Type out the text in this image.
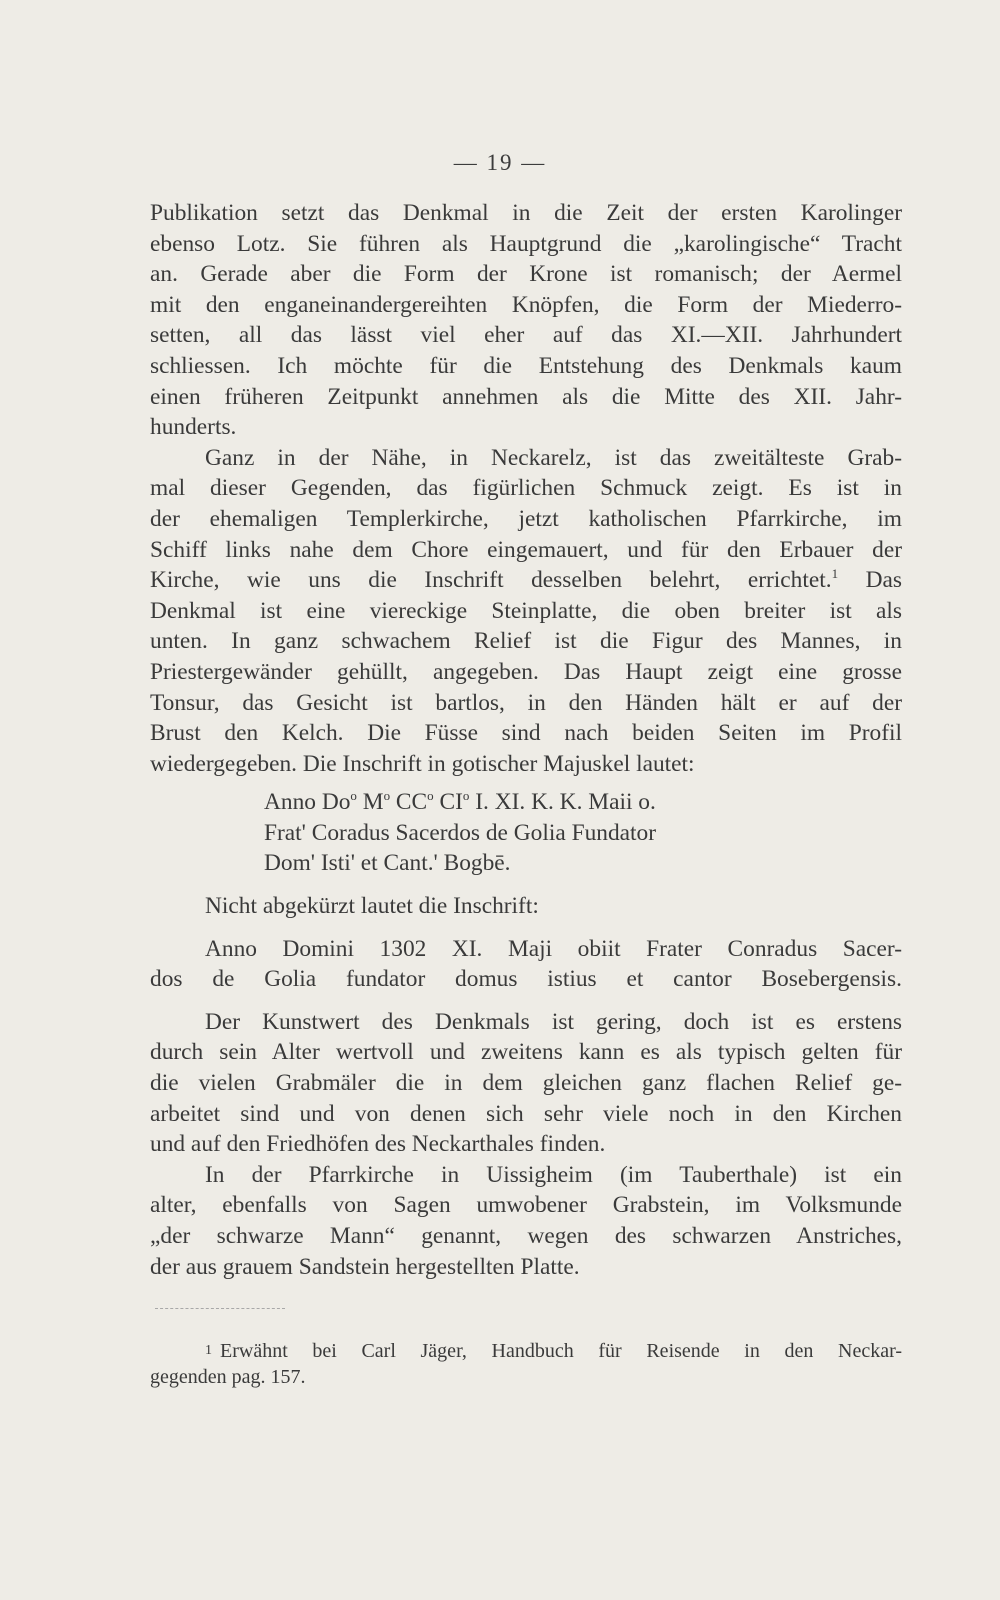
— 19 —
Publikation setzt das Denkmal in die Zeit der ersten Karolinger
ebenso Lotz. Sie führen als Hauptgrund die „karolingische“ Tracht
an. Gerade aber die Form der Krone ist romanisch; der Aermel
mit den enganeinandergereihten Knöpfen, die Form der Miederro-
setten, all das lässt viel eher auf das XI.—XII. Jahrhundert
schliessen. Ich möchte für die Entstehung des Denkmals kaum
einen früheren Zeitpunkt annehmen als die Mitte des XII. Jahr-
hunderts.
Ganz in der Nähe, in Neckarelz, ist das zweitälteste Grab-
mal dieser Gegenden, das figürlichen Schmuck zeigt. Es ist in
der ehemaligen Templerkirche, jetzt katholischen Pfarrkirche, im
Schiff links nahe dem Chore eingemauert, und für den Erbauer der
Kirche, wie uns die Inschrift desselben belehrt, errichtet.$^1$ Das
Denkmal ist eine viereckige Steinplatte, die oben breiter ist als
unten. In ganz schwachem Relief ist die Figur des Mannes, in
Priestergewänder gehüllt, angegeben. Das Haupt zeigt eine grosse
Tonsur, das Gesicht ist bartlos, in den Händen hält er auf der
Brust den Kelch. Die Füsse sind nach beiden Seiten im Profil
wiedergegeben. Die Inschrift in gotischer Majuskel lautet:
Anno Do$^o$ $M^o$ $CC^o$ $CI^o$ I. XI. K. K. Maii o.
Frat' Coradus Sacerdos de Golia Fundator
Dom' Isti' et Cant.' Bogbē.
Nicht abgekürzt lautet die Inschrift:
Anno Domini 1302 XI. Maji obiit Frater Conradus Sacer-
dos de Golia fundator domus istius et cantor Bosebergensis.
Der Kunstwert des Denkmals ist gering, doch ist es erstens
durch sein Alter wertvoll und zweitens kann es als typisch gelten für
die vielen Grabmäler die in dem gleichen ganz flachen Relief ge-
arbeitet sind und von denen sich sehr viele noch in den Kirchen
und auf den Friedhöfen des Neckarthales finden.
In der Pfarrkirche in Uissigheim (im Tauberthale) ist ein
alter, ebenfalls von Sagen umwobener Grabstein, im Volksmunde
„der schwarze Mann“ genannt, wegen des schwarzen Anstriches,
der aus grauem Sandstein hergestellten Platte.
1 Erwähnt bei Carl Jäger, Handbuch für Reisende in den Neckar-
gegenden pag. 157.
